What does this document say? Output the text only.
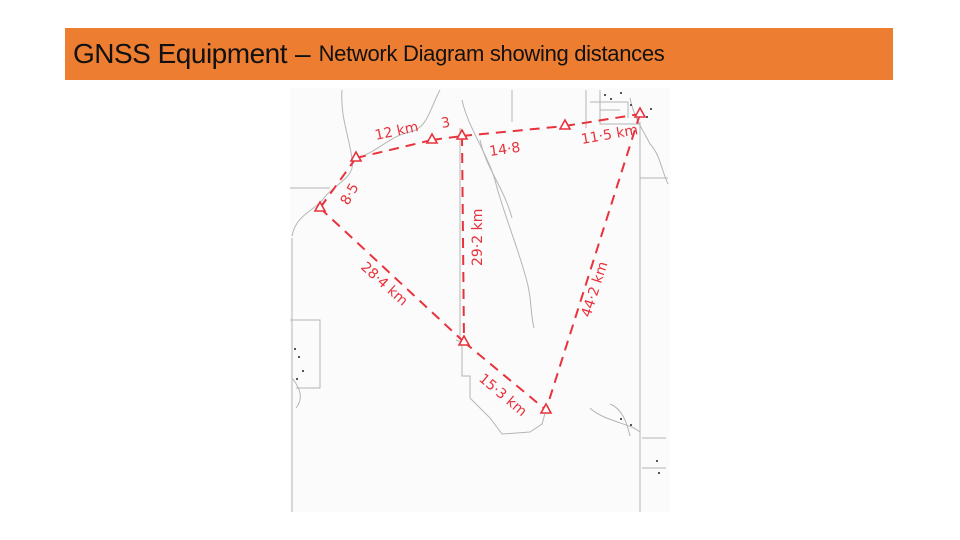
GNSS Equipment – Network Diagram showing distances
12 km 3
14·8
11·5 km
8·5
29·2 km
28·4 km	44·2 km
15·3 km
